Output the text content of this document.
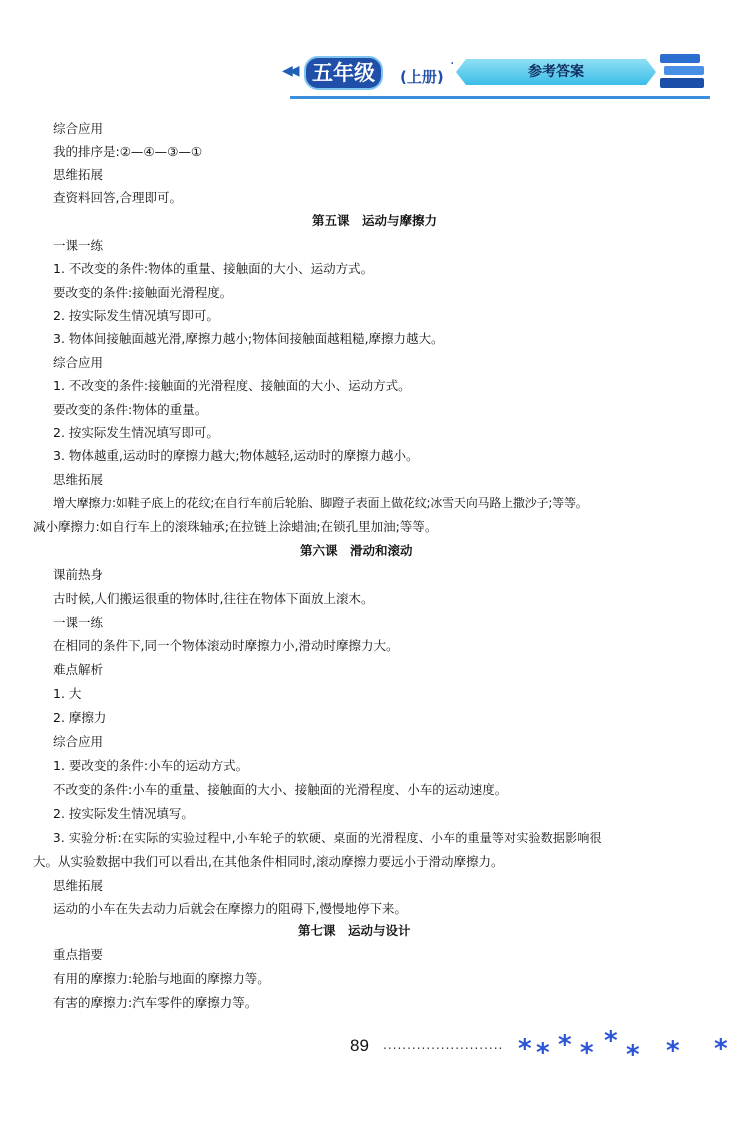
◀◀ 五年级	(上册)
·	参考答案
综合应用
我的排序是:②—④—③—①
思维拓展
查资料回答,合理即可。
第五课　运动与摩擦力
一课一练
1. 不改变的条件:物体的重量、接触面的大小、运动方式。
要改变的条件:接触面光滑程度。
2. 按实际发生情况填写即可。
3. 物体间接触面越光滑,摩擦力越小;物体间接触面越粗糙,摩擦力越大。
综合应用
1. 不改变的条件:接触面的光滑程度、接触面的大小、运动方式。
要改变的条件:物体的重量。
2. 按实际发生情况填写即可。
3. 物体越重,运动时的摩擦力越大;物体越轻,运动时的摩擦力越小。
思维拓展
增大摩擦力:如鞋子底上的花纹;在自行车前后轮胎、脚蹬子表面上做花纹;冰雪天向马路上撒沙子;等等。
减小摩擦力:如自行车上的滚珠轴承;在拉链上涂蜡油;在锁孔里加油;等等。
第六课　滑动和滚动
课前热身
古时候,人们搬运很重的物体时,往往在物体下面放上滚木。
一课一练
在相同的条件下,同一个物体滚动时摩擦力小,滑动时摩擦力大。
难点解析
1. 大
2. 摩擦力
综合应用
1. 要改变的条件:小车的运动方式。
不改变的条件:小车的重量、接触面的大小、接触面的光滑程度、小车的运动速度。
2. 按实际发生情况填写。
3. 实验分析:在实际的实验过程中,小车轮子的软硬、桌面的光滑程度、小车的重量等对实验数据影响很
大。从实验数据中我们可以看出,在其他条件相同时,滚动摩擦力要远小于滑动摩擦力。
思维拓展
运动的小车在失去动力后就会在摩擦力的阻碍下,慢慢地停下来。
第七课　运动与设计
重点指要
有用的摩擦力:轮胎与地面的摩擦力等。
有害的摩擦力:汽车零件的摩擦力等。
89 ......................... * * * * * * * *
